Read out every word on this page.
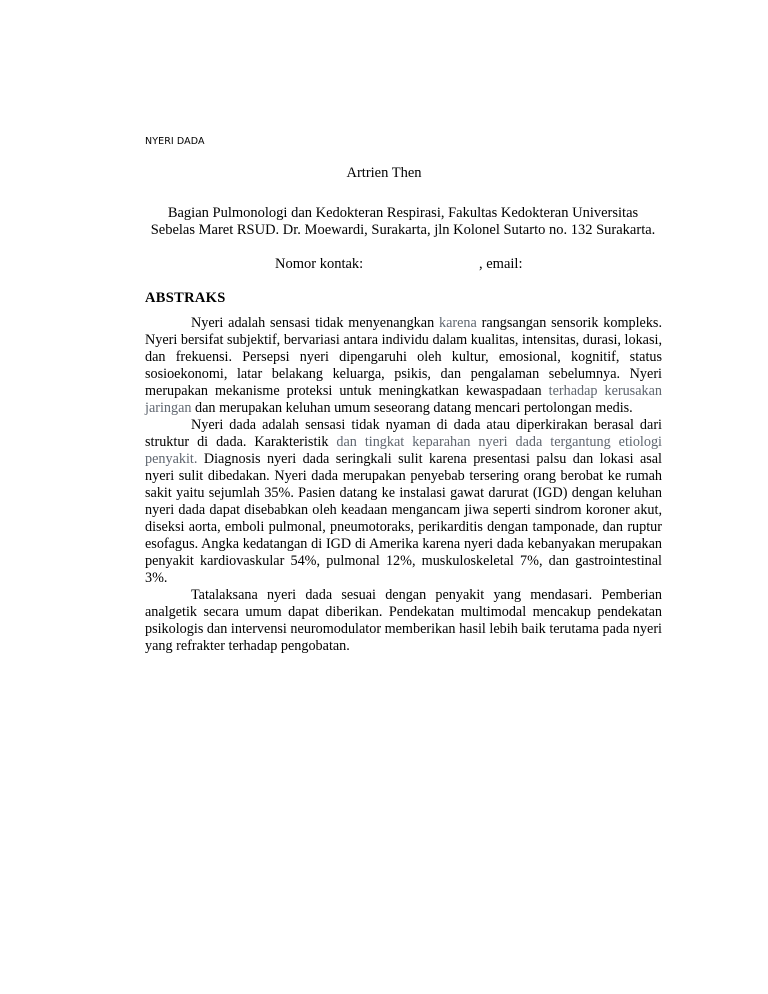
NYERI DADA
Artrien Then
Bagian Pulmonologi dan Kedokteran Respirasi, Fakultas Kedokteran Universitas Sebelas Maret RSUD. Dr. Moewardi, Surakarta, jln Kolonel Sutarto no. 132 Surakarta.
Nomor kontak:	, email:
ABSTRAKS

Nyeri adalah sensasi tidak menyenangkan karena rangsangan sensorik kompleks. Nyeri bersifat subjektif, bervariasi antara individu dalam kualitas, intensitas, durasi, lokasi, dan frekuensi. Persepsi nyeri dipengaruhi oleh kultur, emosional, kognitif, status sosioekonomi, latar belakang keluarga, psikis, dan pengalaman sebelumnya. Nyeri merupakan mekanisme proteksi untuk meningkatkan kewaspadaan terhadap kerusakan jaringan dan merupakan keluhan umum seseorang datang mencari pertolongan medis.

Nyeri dada adalah sensasi tidak nyaman di dada atau diperkirakan berasal dari struktur di dada. Karakteristik dan tingkat keparahan nyeri dada tergantung etiologi penyakit. Diagnosis nyeri dada seringkali sulit karena presentasi palsu dan lokasi asal nyeri sulit dibedakan. Nyeri dada merupakan penyebab tersering orang berobat ke rumah sakit yaitu sejumlah 35%. Pasien datang ke instalasi gawat darurat (IGD) dengan keluhan nyeri dada dapat disebabkan oleh keadaan mengancam jiwa seperti sindrom koroner akut, diseksi aorta, emboli pulmonal, pneumotoraks, perikarditis dengan tamponade, dan ruptur esofagus. Angka kedatangan di IGD di Amerika karena nyeri dada kebanyakan merupakan penyakit kardiovaskular 54%, pulmonal 12%, muskuloskeletal 7%, dan gastrointestinal 3%.

Tatalaksana nyeri dada sesuai dengan penyakit yang mendasari. Pemberian analgetik secara umum dapat diberikan. Pendekatan multimodal mencakup pendekatan psikologis dan intervensi neuromodulator memberikan hasil lebih baik terutama pada nyeri yang refrakter terhadap pengobatan.
